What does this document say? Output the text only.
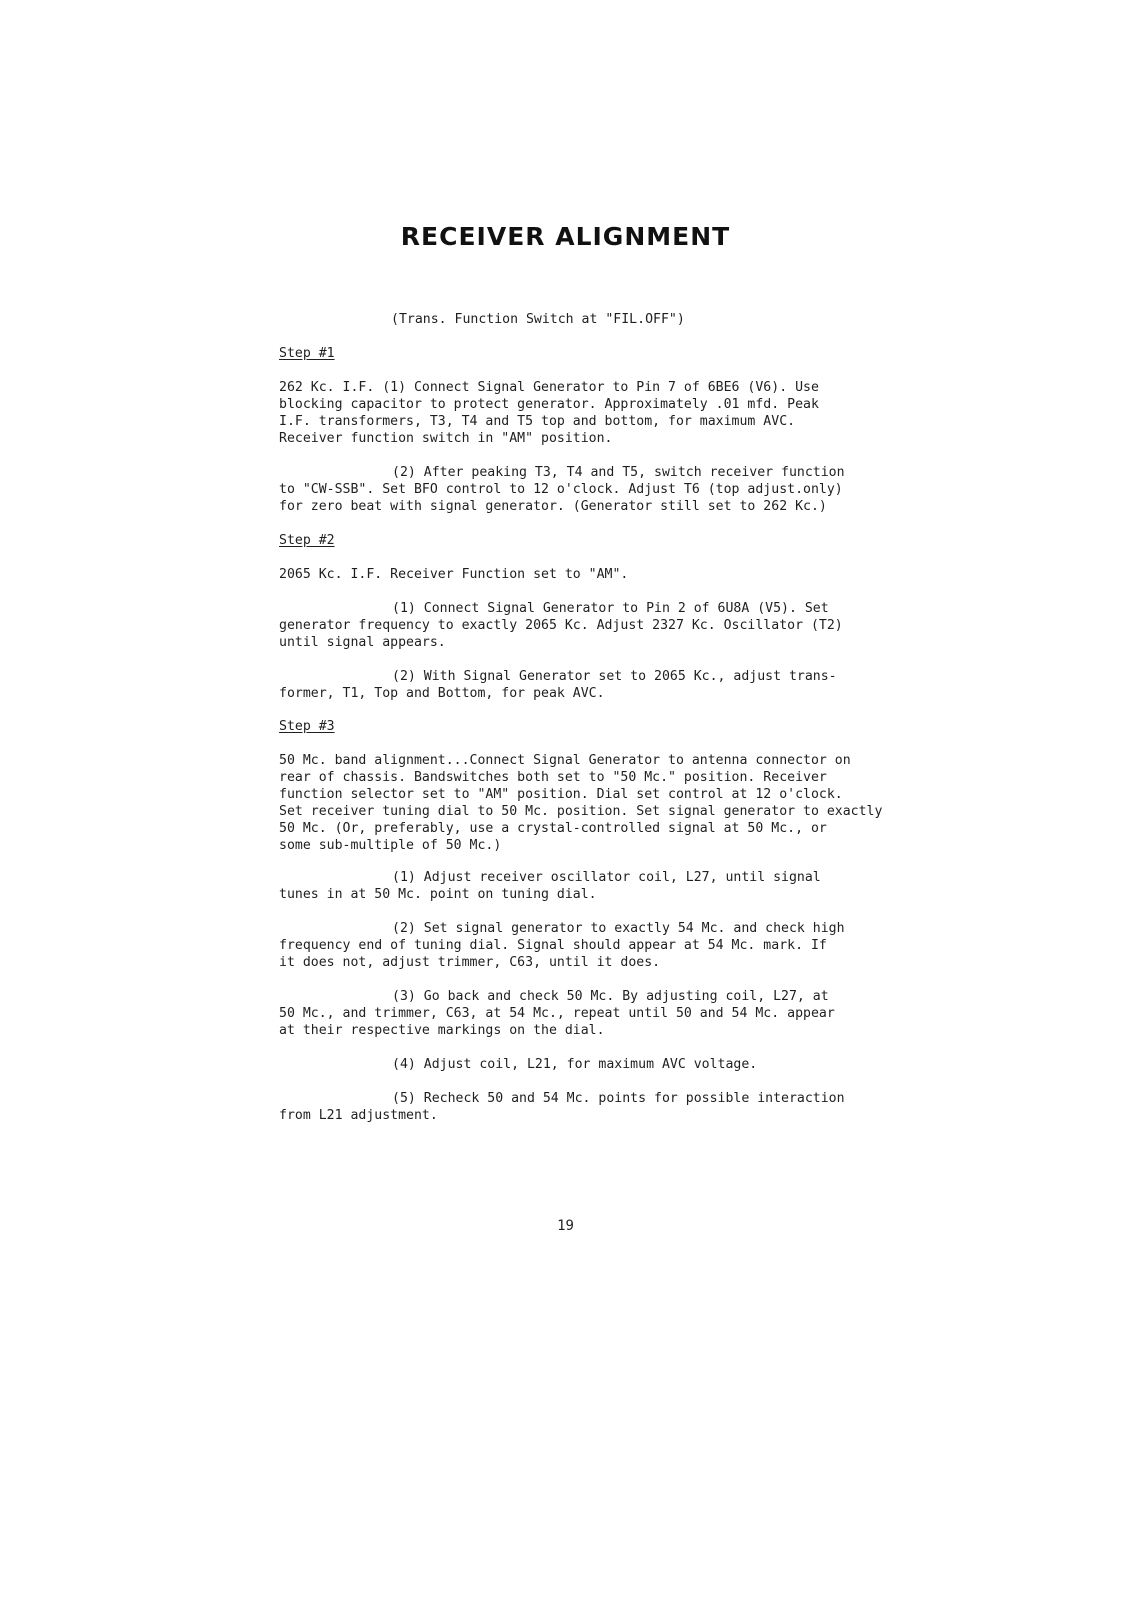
RECEIVER ALIGNMENT
(Trans. Function Switch at "FIL.OFF")
Step #1
262 Kc. I.F. (1) Connect Signal Generator to Pin 7 of 6BE6 (V6). Use
blocking capacitor to protect generator. Approximately .01 mfd. Peak
I.F. transformers, T3, T4 and T5 top and bottom, for maximum AVC.
Receiver function switch in "AM" position.
(2) After peaking T3, T4 and T5, switch receiver function
to "CW-SSB". Set BFO control to 12 o'clock. Adjust T6 (top adjust.only)
for zero beat with signal generator. (Generator still set to 262 Kc.)
Step #2
2065 Kc. I.F. Receiver Function set to "AM".
(1) Connect Signal Generator to Pin 2 of 6U8A (V5). Set
generator frequency to exactly 2065 Kc. Adjust 2327 Kc. Oscillator (T2)
until signal appears.
(2) With Signal Generator set to 2065 Kc., adjust trans-
former, T1, Top and Bottom, for peak AVC.
Step #3
50 Mc. band alignment...Connect Signal Generator to antenna connector on
rear of chassis. Bandswitches both set to "50 Mc." position. Receiver
function selector set to "AM" position. Dial set control at 12 o'clock.
Set receiver tuning dial to 50 Mc. position. Set signal generator to exactly
50 Mc. (Or, preferably, use a crystal-controlled signal at 50 Mc., or
some sub-multiple of 50 Mc.)
(1) Adjust receiver oscillator coil, L27, until signal
tunes in at 50 Mc. point on tuning dial.
(2) Set signal generator to exactly 54 Mc. and check high
frequency end of tuning dial. Signal should appear at 54 Mc. mark. If
it does not, adjust trimmer, C63, until it does.
(3) Go back and check 50 Mc. By adjusting coil, L27, at
50 Mc., and trimmer, C63, at 54 Mc., repeat until 50 and 54 Mc. appear
at their respective markings on the dial.
(4) Adjust coil, L21, for maximum AVC voltage.
(5) Recheck 50 and 54 Mc. points for possible interaction
from L21 adjustment.
19
